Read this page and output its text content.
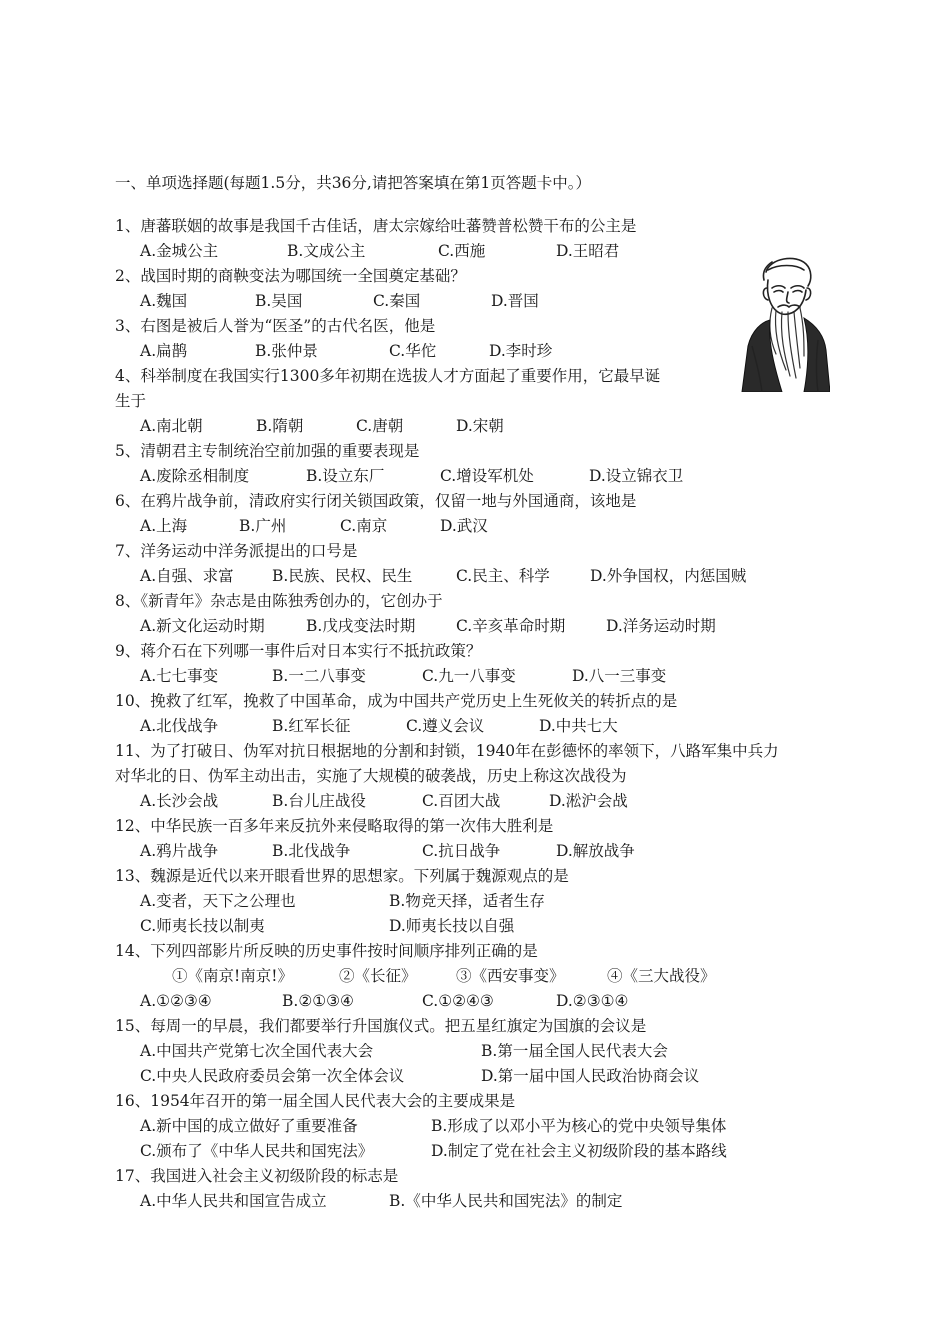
一、单项选择题(每题1.5分，共36分,请把答案填在第1页答题卡中。）
1、唐蕃联姻的故事是我国千古佳话，唐太宗嫁给吐蕃赞普松赞干布的公主是
A.金城公主	B.文成公主	C.西施	D.王昭君
2、战国时期的商鞅变法为哪国统一全国奠定基础？
A.魏国	B.吴国	C.秦国	D.晋国
3、右图是被后人誉为“医圣”的古代名医，他是
A.扁鹊	B.张仲景	C.华佗	D.李时珍
4、科举制度在我国实行1300多年初期在选拔人才方面起了重要作用，它最早诞
生于
A.南北朝	B.隋朝	C.唐朝	D.宋朝
5、清朝君主专制统治空前加强的重要表现是
A.废除丞相制度	B.设立东厂	C.增设军机处	D.设立锦衣卫
6、在鸦片战争前，清政府实行闭关锁国政策，仅留一地与外国通商，该地是
A.上海	B.广州	C.南京	D.武汉
7、洋务运动中洋务派提出的口号是
A.自强、求富 B.民族、民权、民生	C.民主、科学	D.外争国权，内惩国贼
8、《新青年》杂志是由陈独秀创办的，它创办于
A.新文化运动时期	B.戊戌变法时期	C.辛亥革命时期	D.洋务运动时期
9、蒋介石在下列哪一事件后对日本实行不抵抗政策？
A.七七事变	B.一二八事变	C.九一八事变	D.八一三事变
10、挽救了红军，挽救了中国革命，成为中国共产党历史上生死攸关的转折点的是
A.北伐战争	B.红军长征	C.遵义会议	D.中共七大
11、为了打破日、伪军对抗日根据地的分割和封锁，1940年在彭德怀的率领下，八路军集中兵力
对华北的日、伪军主动出击，实施了大规模的破袭战，历史上称这次战役为
A.长沙会战	B.台儿庄战役	C.百团大战	D.淞沪会战
12、中华民族一百多年来反抗外来侵略取得的第一次伟大胜利是
A.鸦片战争	B.北伐战争	C.抗日战争	D.解放战争
13、魏源是近代以来开眼看世界的思想家。下列属于魏源观点的是
A.变者，天下之公理也	B.物竞天择，适者生存
C.师夷长技以制夷	D.师夷长技以自强
14、下列四部影片所反映的历史事件按时间顺序排列正确的是
①《南京!南京!》	②《长征》	③《西安事变》	④《三大战役》
A.①②③④	B.②①③④	C.①②④③	D.②③①④
15、每周一的早晨，我们都要举行升国旗仪式。把五星红旗定为国旗的会议是
A.中国共产党第七次全国代表大会	B.第一届全国人民代表大会
C.中央人民政府委员会第一次全体会议	D.第一届中国人民政治协商会议
16、1954年召开的第一届全国人民代表大会的主要成果是
A.新中国的成立做好了重要准备	B.形成了以邓小平为核心的党中央领导集体
C.颁布了《中华人民共和国宪法》	D.制定了党在社会主义初级阶段的基本路线
17、我国进入社会主义初级阶段的标志是
A.中华人民共和国宣告成立	B.《中华人民共和国宪法》的制定
